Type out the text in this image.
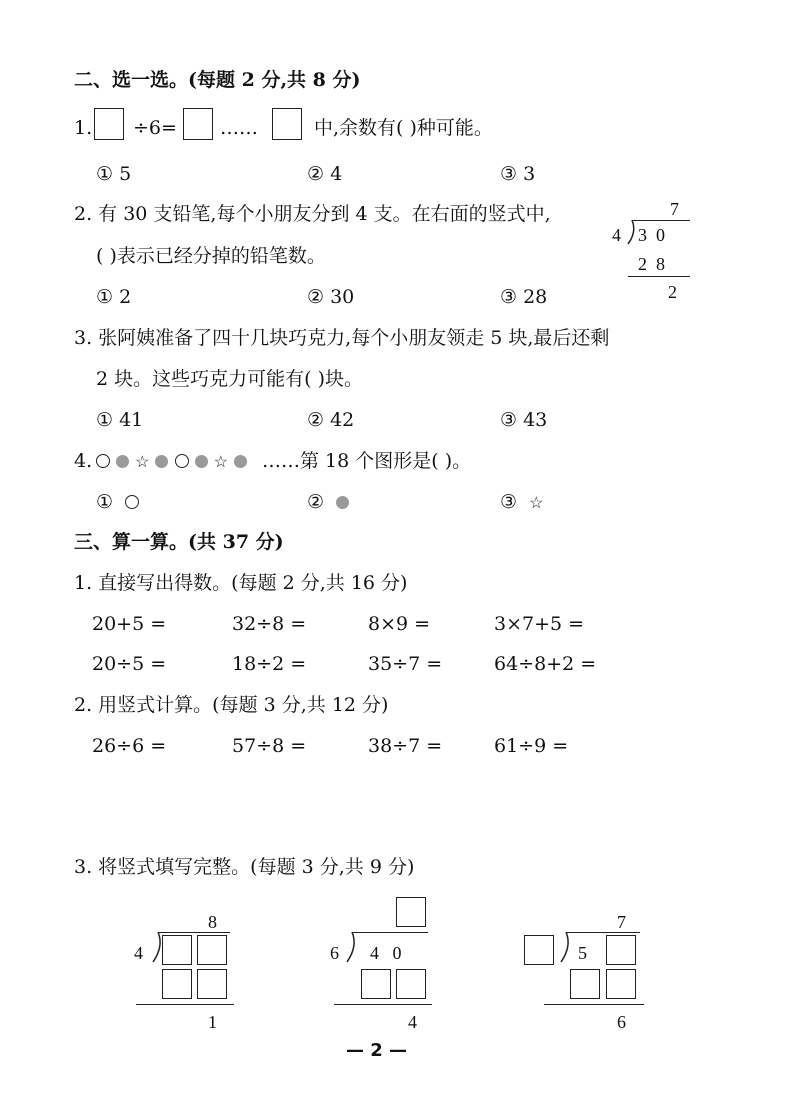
二、选一选。(每题 2 分,共 8 分)
1. ÷6= ……	中,余数有( )种可能。
① 5	② 4	③ 3
2. 有 30 支铅笔,每个小朋友分到 4 支。在右面的竖式中,
( )表示已经分掉的铅笔数。
7
4 3  0
2  8
2
① 2	② 30	③ 28
3. 张阿姨准备了四十几块巧克力,每个小朋友领走 5 块,最后还剩
2 块。这些巧克力可能有( )块。
① 41	② 42	③ 43
4.	☆	☆	……第 18 个图形是( )。
①	②	③ ☆
三、算一算。(共 37 分)
1. 直接写出得数。(每题 2 分,共 16 分)
20+5 =	32÷8 =	8×9 =	3×7+5 =
20÷5 =	18÷2 =	35÷7 =	64÷8+2 =
2. 用竖式计算。(每题 3 分,共 12 分)
26÷6 =	57÷8 =	38÷7 =	61÷9 =
3. 将竖式填写完整。(每题 3 分,共 9 分)
8
4
1
6 4   0
4
7
5
6
— 2 —
